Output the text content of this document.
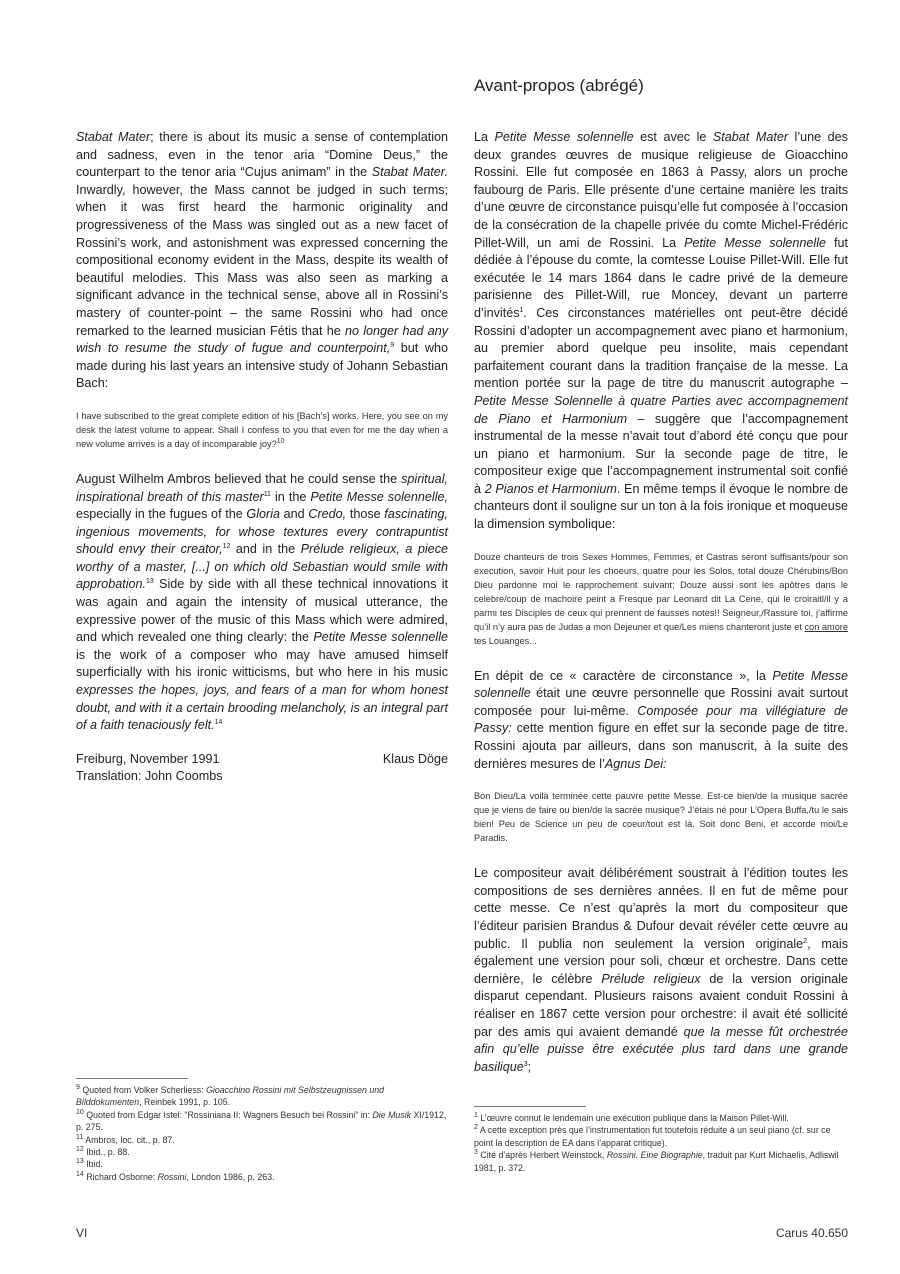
Avant-propos (abrégé)

Stabat Mater; there is about its music a sense of contemplation and sadness, even in the tenor aria “Domine Deus,” the counterpart to the tenor aria “Cujus animam” in the Stabat Mater. Inwardly, however, the Mass cannot be judged in such terms; when it was first heard the harmonic originality and progressiveness of the Mass was singled out as a new facet of Rossini’s work, and astonishment was expressed concerning the compositional economy evident in the Mass, despite its wealth of beautiful melodies. This Mass was also seen as marking a significant advance in the technical sense, above all in Rossini’s mastery of counter-point – the same Rossini who had once remarked to the learned musician Fétis that he no longer had any wish to resume the study of fugue and counterpoint,$^9$ but who made during his last years an intensive study of Johann Sebastian Bach:

I have subscribed to the great complete edition of his [Bach’s] works. Here, you see on my desk the latest volume to appear. Shall I confess to you that even for me the day when a new volume arrives is a day of incomparable joy?$^{10}$

August Wilhelm Ambros believed that he could sense the spiritual, inspirational breath of this master$^{11}$ in the Petite Messe solennelle, especially in the fugues of the Gloria and Credo, those fascinating, ingenious movements, for whose textures every contrapuntist should envy their creator,$^{12}$ and in the Prélude religieux, a piece worthy of a master, [...] on which old Sebastian would smile with approbation.$^{13}$ Side by side with all these technical innovations it was again and again the intensity of musical utterance, the expressive power of the music of this Mass which were admired, and which revealed one thing clearly: the Petite Messe solennelle is the work of a composer who may have amused himself superficially with his ironic witticisms, but who here in his music expresses the hopes, joys, and fears of a man for whom honest doubt, and with it a certain brooding melancholy, is an integral part of a faith tenaciously felt.$^{14}$

Freiburg, November 1991
Translation: John Coombs
Klaus Döge
$^9$ Quoted from Volker Scherliess: Gioacchino Rossini mit Selbstzeugnissen und Bilddokumenten, Reinbek 1991, p. 105.
$^{10}$ Quoted from Edgar Istel: “Rossiniana II: Wagners Besuch bei Rossini” in: Die Musik XI/1912, p. 275.
$^{11}$ Ambros, loc. cit., p. 87.
$^{12}$ Ibid., p. 88.
$^{13}$ Ibid.
$^{14}$ Richard Osborne: Rossini, London 1986, p. 263.

La Petite Messe solennelle est avec le Stabat Mater l’une des deux grandes œuvres de musique religieuse de Gioacchino Rossini. Elle fut composée en 1863 à Passy, alors un proche faubourg de Paris. Elle présente d’une certaine manière les traits d’une œuvre de circonstance puisqu’elle fut composée à l’occasion de la consécration de la chapelle privée du comte Michel-Frédéric Pillet-Will, un ami de Rossini. La Petite Messe solennelle fut dédiée à l’épouse du comte, la comtesse Louise Pillet-Will. Elle fut exécutée le 14 mars 1864 dans le cadre privé de la demeure parisienne des Pillet-Will, rue Moncey, devant un parterre d’invités$^1$. Ces circonstances matérielles ont peut-être décidé Rossini d’adopter un accompagnement avec piano et harmonium, au premier abord quelque peu insolite, mais cependant parfaitement courant dans la tradition française de la messe. La mention portée sur la page de titre du manuscrit autographe – Petite Messe Solennelle à quatre Parties avec accompagnement de Piano et Harmonium – suggère que l’accompagnement instrumental de la messe n’avait tout d’abord été conçu que pour un piano et harmonium. Sur la seconde page de titre, le compositeur exige que l’accompagnement instrumental soit confié à 2 Pianos et Harmonium. En même temps il évoque le nombre de chanteurs dont il souligne sur un ton à la fois ironique et moqueuse la dimension symbolique:

Douze chanteurs de trois Sexes Hommes, Femmes, et Castras seront suffisants/pour son execution, savoir Huit pour les choeurs, quatre pour les Solos, total douze Chérubins/Bon Dieu pardonne moi le rapprochement suivant; Douze aussi sont les apôtres dans le celebre/coup de machoire peint a Fresque par Leonard dit La Cene, qui le croiraitl/il y a parmi tes Disciples de ceux qui prennent de fausses notes!! Seigneur,/Rassure toi, j’affirme qu’il n’y aura pas de Judas a mon Dejeuner et que/Les miens chanteront juste et con amore tes Louanges...

En dépit de ce « caractère de circonstance », la Petite Messe solennelle était une œuvre personnelle que Rossini avait surtout composée pour lui-même. Composée pour ma villégiature de Passy: cette mention figure en effet sur la seconde page de titre. Rossini ajouta par ailleurs, dans son manuscrit, à la suite des dernières mesures de l’Agnus Dei:

Bon Dieu/La voilà terminée cette pauvre petite Messe. Est-ce bien/de la musique sacrée que je viens de faire ou bien/de la sacrée musique? J’étais né pour L’Opera Buffa,/tu le sais bien! Peu de Science un peu de coeur/tout est là. Soit donc Beni, et accorde moi/Le Paradis.

Le compositeur avait délibérément soustrait à l’édition toutes les compositions de ses dernières années. Il en fut de même pour cette messe. Ce n’est qu’après la mort du compositeur que l’éditeur parisien Brandus & Dufour devait révéler cette œuvre au public. Il publia non seulement la version originale$^2$, mais également une version pour soli, chœur et orchestre. Dans cette dernière, le célèbre Prélude religieux de la version originale disparut cependant. Plusieurs raisons avaient conduit Rossini à réaliser en 1867 cette version pour orchestre: il avait été sollicité par des amis qui avaient demandé que la messe fût orchestrée afin qu’elle puisse être exécutée plus tard dans une grande basilique$^3$;

$^1$ L’œuvre connut le lendemain une exécution publique dans la Maison Pillet-Will.
$^2$ A cette exception près que l’instrumentation fut toutefois réduite à un seul piano (cf. sur ce point la description de EA dans l’apparat critique).
$^3$ Cité d’après Herbert Weinstock, Rossini. Eine Biographie, traduit par Kurt Michaelis, Adliswil 1981, p. 372.
VI	Carus 40.650
